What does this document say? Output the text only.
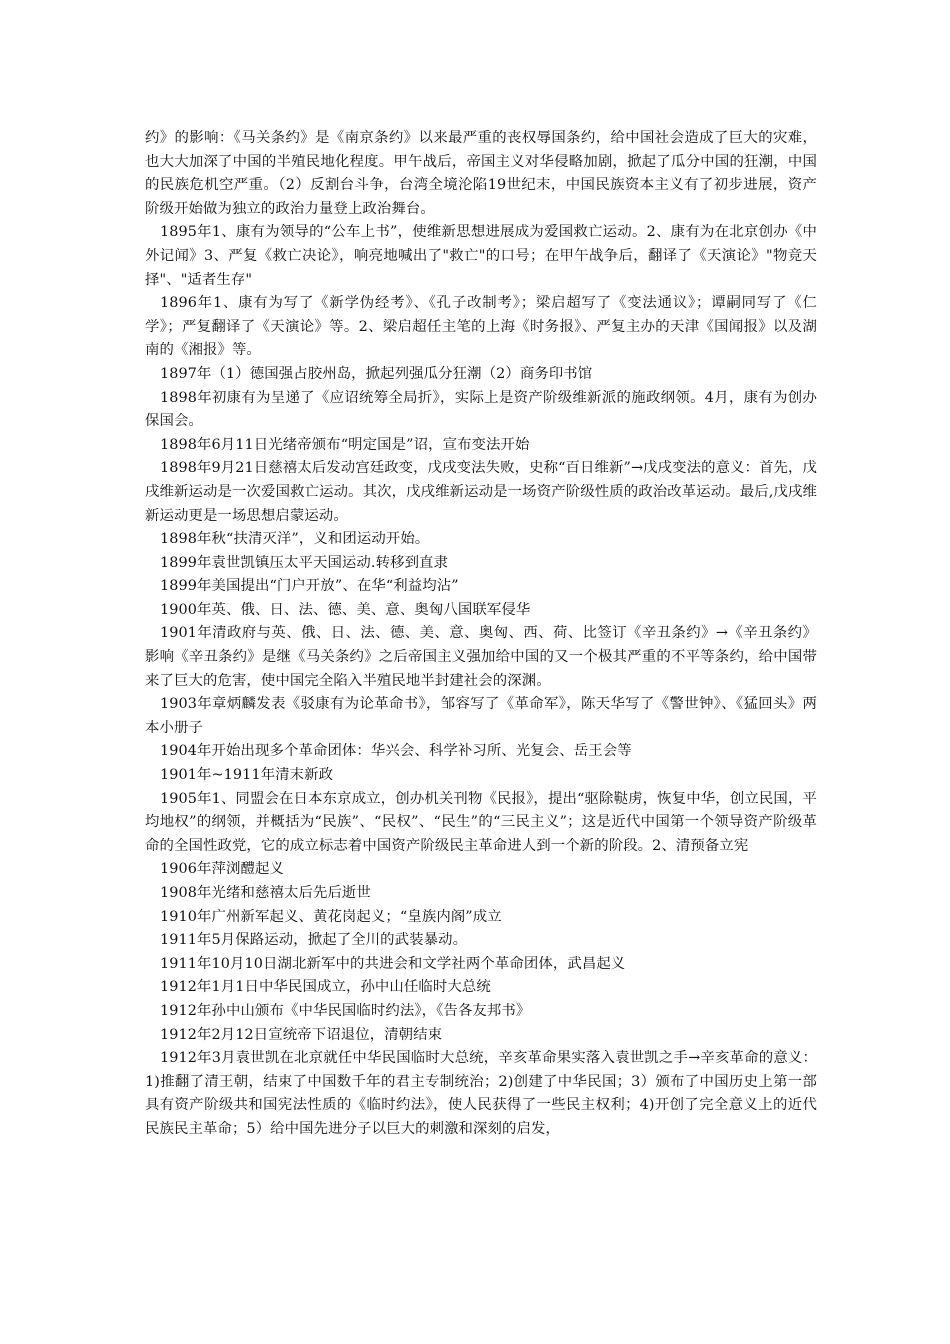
约》的影响：《马关条约》是《南京条约》以来最严重的丧权辱国条约，给中国社会造成了巨大的灾难，也大大加深了中国的半殖民地化程度。甲午战后，帝国主义对华侵略加剧，掀起了瓜分中国的狂潮，中国的民族危机空严重。（2）反割台斗争，台湾全境沦陷19世纪末，中国民族资本主义有了初步进展，资产阶级开始做为独立的政治力量登上政治舞台。

1895年1、康有为领导的“公车上书”，使维新思想进展成为爱国救亡运动。2、康有为在北京创办《中外记闻》3、严复《救亡决论》，响亮地喊出了"救亡"的口号；在甲午战争后，翻译了《天演论》"物竞天择"、"适者生存"

1896年1、康有为写了《新学伪经考》、《孔子改制考》；梁启超写了《变法通议》；谭嗣同写了《仁学》；严复翻译了《天演论》等。2、梁启超任主笔的上海《时务报》、严复主办的天津《国闻报》以及湖南的《湘报》等。

1897年（1）德国强占胶州岛，掀起列强瓜分狂潮（2）商务印书馆

1898年初康有为呈递了《应诏统筹全局折》，实际上是资产阶级维新派的施政纲领。4月，康有为创办保国会。

1898年6月11日光绪帝颁布“明定国是”诏，宣布变法开始

1898年9月21日慈禧太后发动宫廷政变，戊戌变法失败，史称“百日维新”→戊戌变法的意义：首先，戊戌维新运动是一次爱国救亡运动。其次，戊戌维新运动是一场资产阶级性质的政治改革运动。最后,戊戌维新运动更是一场思想启蒙运动。

1898年秋“扶清灭洋”，义和团运动开始。

1899年袁世凯镇压太平天国运动.转移到直隶

1899年美国提出“门户开放”、在华“利益均沾”

1900年英、俄、日、法、德、美、意、奥匈八国联军侵华

1901年清政府与英、俄、日、法、德、美、意、奥匈、西、荷、比签订《辛丑条约》→《辛丑条约》影响《辛丑条约》是继《马关条约》之后帝国主义强加给中国的又一个极其严重的不平等条约，给中国带来了巨大的危害，使中国完全陷入半殖民地半封建社会的深渊。

1903年章炳麟发表《驳康有为论革命书》，邹容写了《革命军》，陈天华写了《警世钟》、《猛回头》两本小册子

1904年开始出现多个革命团体：华兴会、科学补习所、光复会、岳王会等

1901年~1911年清末新政

1905年1、同盟会在日本东京成立，创办机关刊物《民报》，提出“驱除鞑虏，恢复中华，创立民国，平均地权”的纲领，并概括为“民族”、“民权”、“民生”的“三民主义”；这是近代中国第一个领导资产阶级革命的全国性政党，它的成立标志着中国资产阶级民主革命进人到一个新的阶段。2、清预备立宪

1906年萍浏醴起义

1908年光绪和慈禧太后先后逝世

1910年广州新军起义、黄花岗起义；“皇族内阁”成立

1911年5月保路运动，掀起了全川的武装暴动。

1911年10月10日湖北新军中的共进会和文学社两个革命团体，武昌起义

1912年1月1日中华民国成立，孙中山任临时大总统

1912年孙中山颁布《中华民国临时约法》，《告各友邦书》

1912年2月12日宣统帝下诏退位，清朝结束

1912年3月袁世凯在北京就任中华民国临时大总统，辛亥革命果实落入袁世凯之手→辛亥革命的意义：1)推翻了清王朝，结束了中国数千年的君主专制统治；2)创建了中华民国；3）颁布了中国历史上第一部具有资产阶级共和国宪法性质的《临时约法》，使人民获得了一些民主权利；4)开创了完全意义上的近代民族民主革命；5）给中国先进分子以巨大的刺激和深刻的启发，
